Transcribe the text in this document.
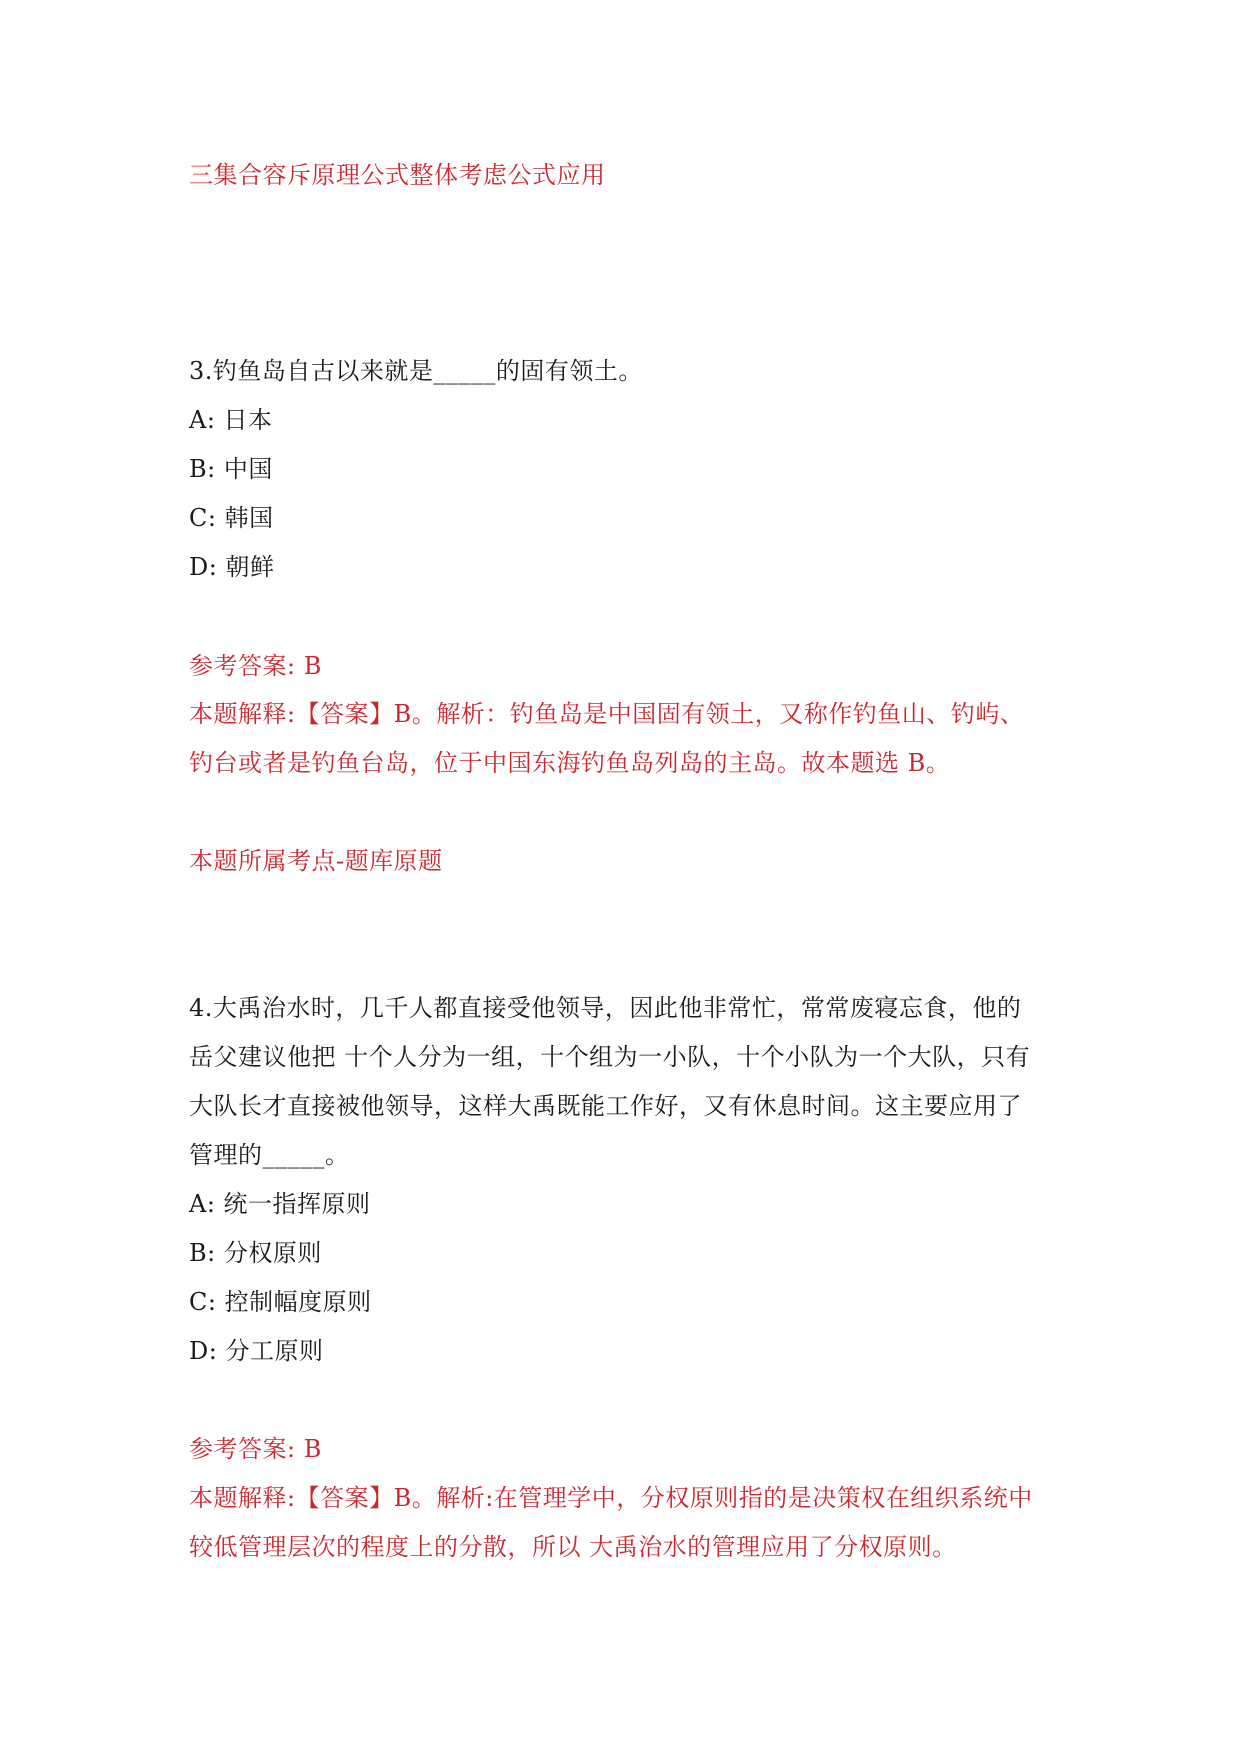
三集合容斥原理公式整体考虑公式应用
3.钓鱼岛自古以来就是_____的固有领土。
A: 日本
B: 中国
C: 韩国
D: 朝鲜
参考答案: B
本题解释:【答案】B。解析：钓鱼岛是中国固有领土，又称作钓鱼山、钓屿、
钓台或者是钓鱼台岛，位于中国东海钓鱼岛列岛的主岛。故本题选 B。
本题所属考点-题库原题
4.大禹治水时，几千人都直接受他领导，因此他非常忙，常常废寝忘食，他的
岳父建议他把 十个人分为一组，十个组为一小队，十个小队为一个大队，只有
大队长才直接被他领导，这样大禹既能工作好，又有休息时间。这主要应用了
管理的_____。
A: 统一指挥原则
B: 分权原则
C: 控制幅度原则
D: 分工原则
参考答案: B
本题解释:【答案】B。解析:在管理学中，分权原则指的是决策权在组织系统中
较低管理层次的程度上的分散，所以 大禹治水的管理应用了分权原则。
